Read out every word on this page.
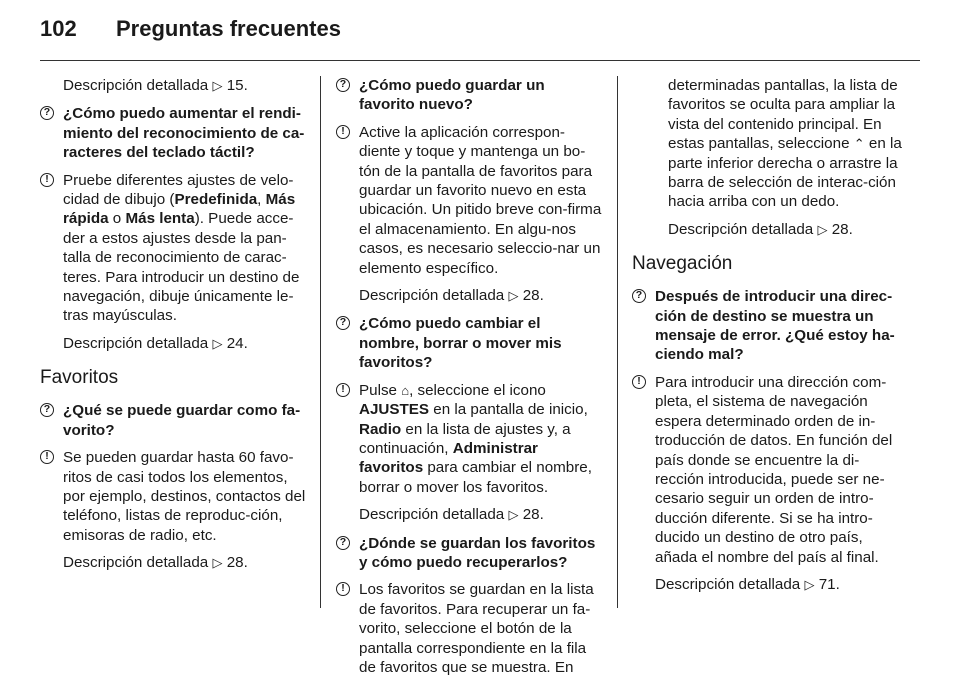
102 Preguntas frecuentes
Descripción detallada ▷ 15.
? ¿Cómo puedo aumentar el rendi-miento del reconocimiento de ca-racteres del teclado táctil?
! Pruebe diferentes ajustes de velo-cidad de dibujo (Predefinida, Más rápida o Más lenta). Puede acce-der a estos ajustes desde la pan-talla de reconocimiento de carac-teres. Para introducir un destino de navegación, dibuje únicamente le-tras mayúsculas.
Descripción detallada ▷ 24.
Favoritos
? ¿Qué se puede guardar como fa-vorito?
! Se pueden guardar hasta 60 favo-ritos de casi todos los elementos, por ejemplo, destinos, contactos del teléfono, listas de reproduc-ción, emisoras de radio, etc.
Descripción detallada ▷ 28.
? ¿Cómo puedo guardar un favorito nuevo?
! Active la aplicación correspon-diente y toque y mantenga un bo-tón de la pantalla de favoritos para guardar un favorito nuevo en esta ubicación. Un pitido breve con-firma el almacenamiento. En algu-nos casos, es necesario seleccio-nar un elemento específico.
Descripción detallada ▷ 28.
? ¿Cómo puedo cambiar el nombre, borrar o mover mis favoritos?
! Pulse ⌂, seleccione el icono AJUSTES en la pantalla de inicio, Radio en la lista de ajustes y, a continuación, Administrar favoritos para cambiar el nombre, borrar o mover los favoritos.
Descripción detallada ▷ 28.
? ¿Dónde se guardan los favoritos y cómo puedo recuperarlos?
! Los favoritos se guardan en la lista de favoritos. Para recuperar un fa-vorito, seleccione el botón de la pantalla correspondiente en la fila de favoritos que se muestra. En
determinadas pantallas, la lista de favoritos se oculta para ampliar la vista del contenido principal. En estas pantallas, seleccione ⌃ en la parte inferior derecha o arrastre la barra de selección de interac-ción hacia arriba con un dedo.
Descripción detallada ▷ 28.
Navegación
? Después de introducir una direc-ción de destino se muestra un mensaje de error. ¿Qué estoy ha-ciendo mal?
! Para introducir una dirección com-pleta, el sistema de navegación espera determinado orden de in-troducción de datos. En función del país donde se encuentre la di-rección introducida, puede ser ne-cesario seguir un orden de intro-ducción diferente. Si se ha intro-ducido un destino de otro país, añada el nombre del país al final.
Descripción detallada ▷ 71.
